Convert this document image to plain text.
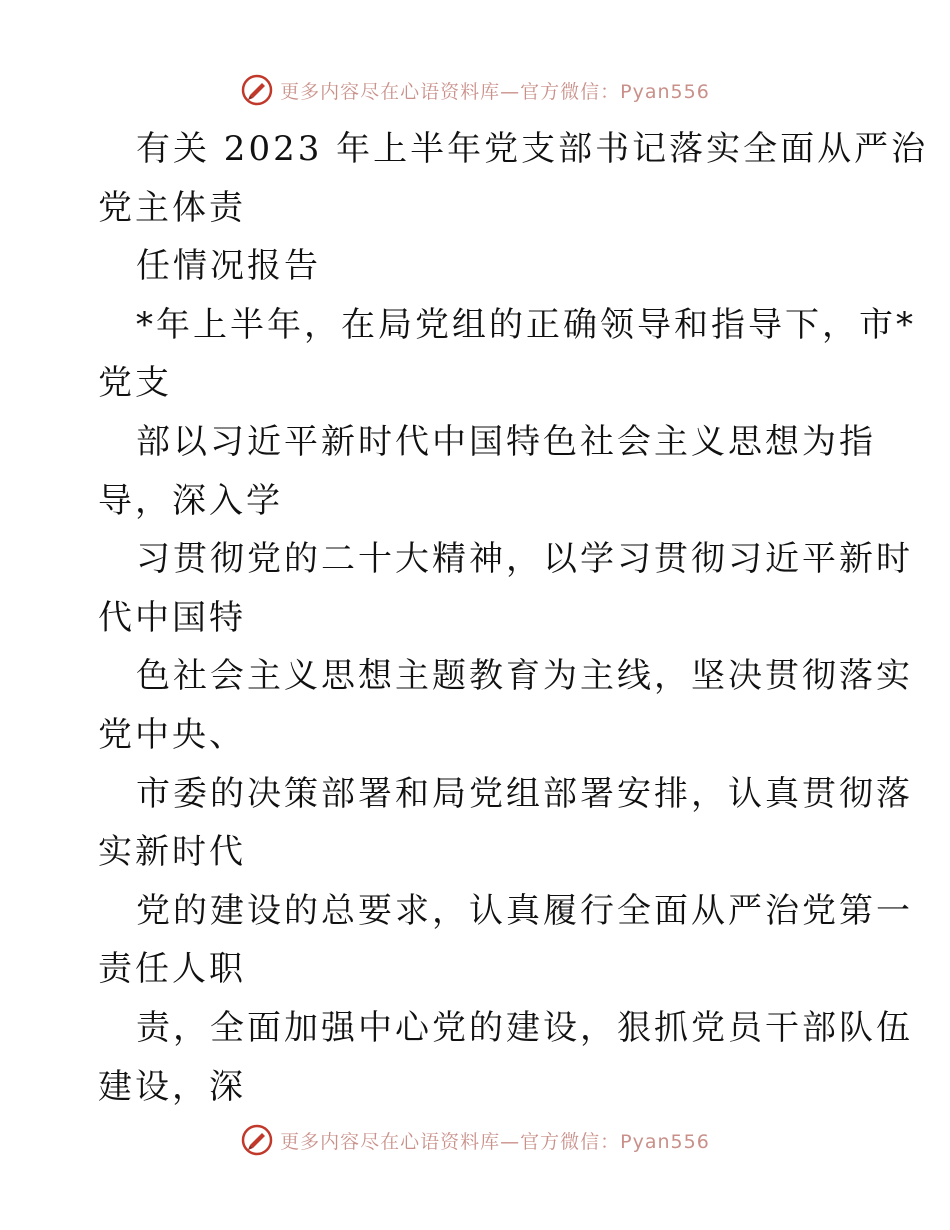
更多内容尽在心语资料库—官方微信：Pyan556
有关 2023 年上半年党支部书记落实全面从严治
党主体责
任情况报告
*年上半年，在局党组的正确领导和指导下，市*
党支
部以习近平新时代中国特色社会主义思想为指
导，深入学
习贯彻党的二十大精神，以学习贯彻习近平新时
代中国特
色社会主义思想主题教育为主线，坚决贯彻落实
党中央、
市委的决策部署和局党组部署安排，认真贯彻落
实新时代
党的建设的总要求，认真履行全面从严治党第一
责任人职
责，全面加强中心党的建设，狠抓党员干部队伍
建设，深
更多内容尽在心语资料库—官方微信：Pyan556
